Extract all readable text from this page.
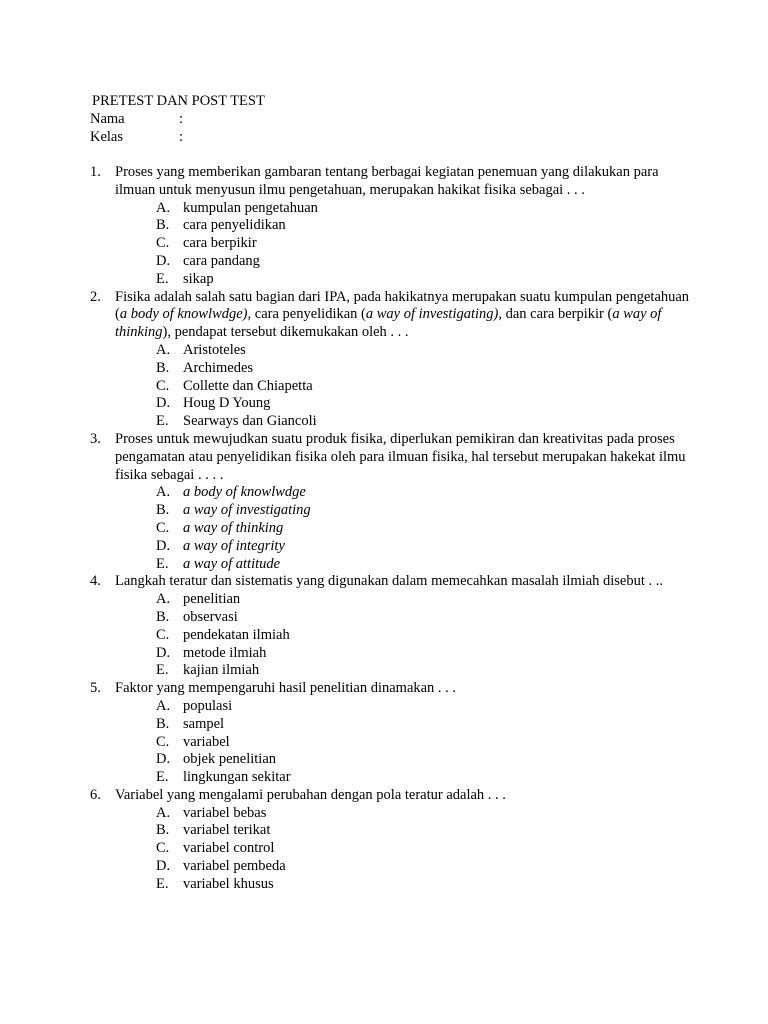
PRETEST DAN POST TEST
Nama	:
Kelas	:
1. Proses yang memberikan gambaran tentang berbagai kegiatan penemuan yang dilakukan para ilmuan untuk menyusun ilmu pengetahuan, merupakan hakikat fisika sebagai . . .
A. kumpulan pengetahuan
B. cara penyelidikan
C. cara berpikir
D. cara pandang
E. sikap
2. Fisika adalah salah satu bagian dari IPA, pada hakikatnya merupakan suatu kumpulan pengetahuan (a body of knowlwdge), cara penyelidikan (a way of investigating), dan cara berpikir (a way of thinking), pendapat tersebut dikemukakan oleh . . .
A. Aristoteles
B. Archimedes
C. Collette dan Chiapetta
D. Houg D Young
E. Searways dan Giancoli
3. Proses untuk mewujudkan suatu produk fisika, diperlukan pemikiran dan kreativitas pada proses pengamatan atau penyelidikan fisika oleh para ilmuan fisika, hal tersebut merupakan hakekat ilmu fisika sebagai . . . .
A. a body of knowlwdge
B. a way of investigating
C. a way of thinking
D. a way of integrity
E. a way of attitude
4. Langkah teratur dan sistematis yang digunakan dalam memecahkan masalah ilmiah disebut . ..
A. penelitian
B. observasi
C. pendekatan ilmiah
D. metode ilmiah
E. kajian ilmiah
5. Faktor yang mempengaruhi hasil penelitian dinamakan . . .
A. populasi
B. sampel
C. variabel
D. objek penelitian
E. lingkungan sekitar
6. Variabel yang mengalami perubahan dengan pola teratur adalah . . .
A. variabel bebas
B. variabel terikat
C. variabel control
D. variabel pembeda
E. variabel khusus
